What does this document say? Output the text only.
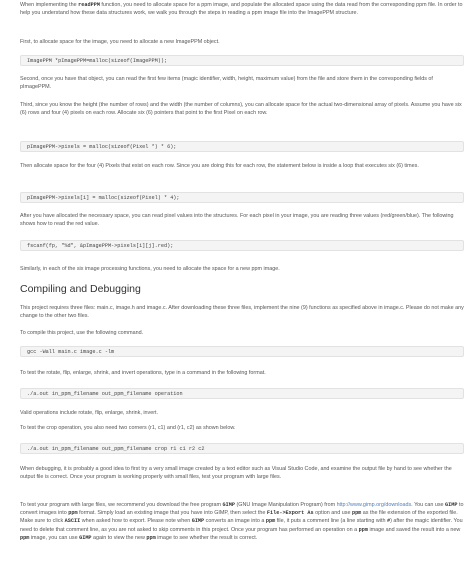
When implementing the readPPM function, you need to allocate space for a ppm image, and populate the allocated space using the data read from the corresponding ppm file. In order to help you understand how these data structures work, we walk you through the steps in reading a ppm image file into the ImagePPM structure.

First, to allocate space for the image, you need to allocate a new ImagePPM object.

ImagePPM *pImagePPM=malloc(sizeof(ImagePPM));

Second, once you have that object, you can read the first few items (magic identifier, width, height, maximum value) from the file and store them in the corresponding fields of pImagePPM.

Third, since you know the height (the number of rows) and the width (the number of columns), you can allocate space for the actual two-dimensional array of pixels. Assume you have six (6) rows and four (4) pixels on each row. Allocate six (6) pointers that point to the first Pixel on each row.

pImagePPM->pixels = malloc(sizeof(Pixel *) * 6);

Then allocate space for the four (4) Pixels that exist on each row. Since you are doing this for each row, the statement below is inside a loop that executes six (6) times.

pImagePPM->pixels[i] = malloc(sizeof(Pixel) * 4);

After you have allocated the necessary space, you can read pixel values into the structures. For each pixel in your image, you are reading three values (red/green/blue). The following shows how to read the red value.

fscanf(fp, "%d", &pImagePPM->pixels[i][j].red);

Similarly, in each of the six image processing functions, you need to allocate the space for a new ppm image.

Compiling and Debugging

This project requires three files: main.c, image.h and image.c. After downloading these three files, implement the nine (9) functions as specified above in image.c. Please do not make any change to the other two files.

To compile this project, use the following command.

gcc -Wall main.c image.c -lm

To test the rotate, flip, enlarge, shrink, and invert operations, type in a command in the following format.

./a.out in_ppm_filename out_ppm_filename operation

Valid operations include rotate, flip, enlarge, shrink, invert.

To test the crop operation, you also need two corners (r1, c1) and (r1, c2) as shown below.

./a.out in_ppm_filename out_ppm_filename crop r1 c1 r2 c2

When debugging, it is probably a good idea to first try a very small image created by a text editor such as Visual Studio Code, and examine the output file by hand to see whether the output file is correct. Once your program is working properly with small files, test your program with large files.

To test your program with large files, we recommend you download the free program GIMP (GNU Image Manipulation Program) from http://www.gimp.org/downloads. You can use GIMP to convert images into ppm format. Simply load an existing image that you have into GIMP, then select the File->Export As option and use ppm as the file extension of the exported file. Make sure to click ASCII when asked how to export. Please note when GIMP converts an image into a ppm file, it puts a comment line (a line starting with #) after the magic identifier. You need to delete that comment line, as you are not asked to skip comments in this project. Once your program has performed an operation on a ppm image and saved the result into a new ppm image, you can use GIMP again to view the new ppm image to see whether the result is correct.
